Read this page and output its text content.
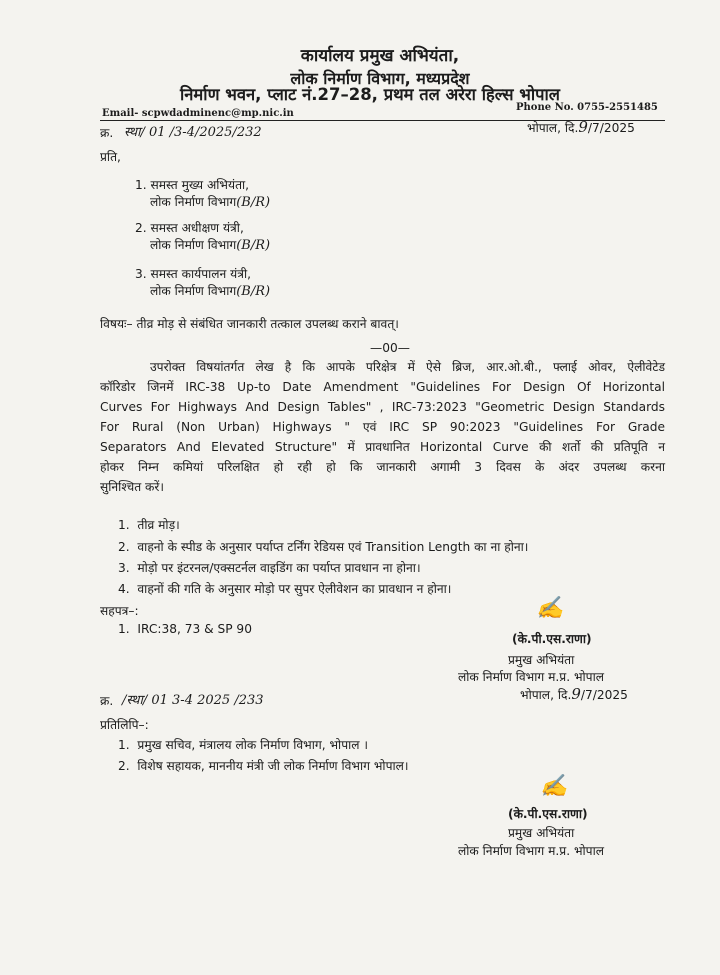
कार्यालय प्रमुख अभियंता,
लोक निर्माण विभाग, मध्यप्रदेश
निर्माण भवन, प्लाट नं.27–28, प्रथम तल अरेरा हिल्स भोपाल
Email- scpwdadminenc@mp.nic.in
Phone No. 0755-2551485
क्र. स्था/ 01 /3-4/2025/232	भोपाल, दि.9/7/2025
प्रति,
1. समस्त मुख्य अभियंता,
लोक निर्माण विभाग(B/R)
2. समस्त अधीक्षण यंत्री,
लोक निर्माण विभाग(B/R)
3. समस्त कार्यपालन यंत्री,
लोक निर्माण विभाग(B/R)
विषयः– तीव्र मोड़ से संबंधित जानकारी तत्काल उपलब्ध कराने बावत्।
—00—
उपरोक्त विषयांतर्गत लेख है कि आपके परिक्षेत्र में ऐसे ब्रिज, आर.ओ.बी., फ्लाई ओवर, ऐलीवेटेड
कॉरिडोर जिनमें IRC-38 Up-to Date Amendment "Guidelines For Design Of Horizontal
Curves For Highways And Design Tables" , IRC-73:2023 "Geometric Design Standards
For Rural (Non Urban) Highways " एवं IRC SP 90:2023 "Guidelines For Grade
Separators And Elevated Structure" में प्रावधानित Horizontal Curve की शर्तो की प्रतिपूति न
होकर निम्न कमियां परिलक्षित हो रही हो कि जानकारी अगामी 3 दिवस के अंदर उपलब्ध करना
सुनिश्चित करें।
1. तीव्र मोड़।
2. वाहनो के स्पीड के अनुसार पर्याप्त टर्निंग रेडियस एवं Transition Length का ना होना।
3. मोड़ो पर इंटरनल/एक्सटर्नल वाइडिंग का पर्याप्त प्रावधान ना होना।
4. वाहनों की गति के अनुसार मोड़ो पर सुपर ऐलीवेशन का प्रावधान न होना।
सहपत्र–:
1. IRC:38, 73 & SP 90
✍
(के.पी.एस.राणा)
प्रमुख अभियंता
लोक निर्माण विभाग म.प्र. भोपाल
भोपाल, दि.9/7/2025
क्र. /स्था/ 01 3-4 2025 /233
प्रतिलिपि–:
1. प्रमुख सचिव, मंत्रालय लोक निर्माण विभाग, भोपाल ।
2. विशेष सहायक, माननीय मंत्री जी लोक निर्माण विभाग भोपाल।
✍
(के.पी.एस.राणा)
प्रमुख अभियंता
लोक निर्माण विभाग म.प्र. भोपाल
